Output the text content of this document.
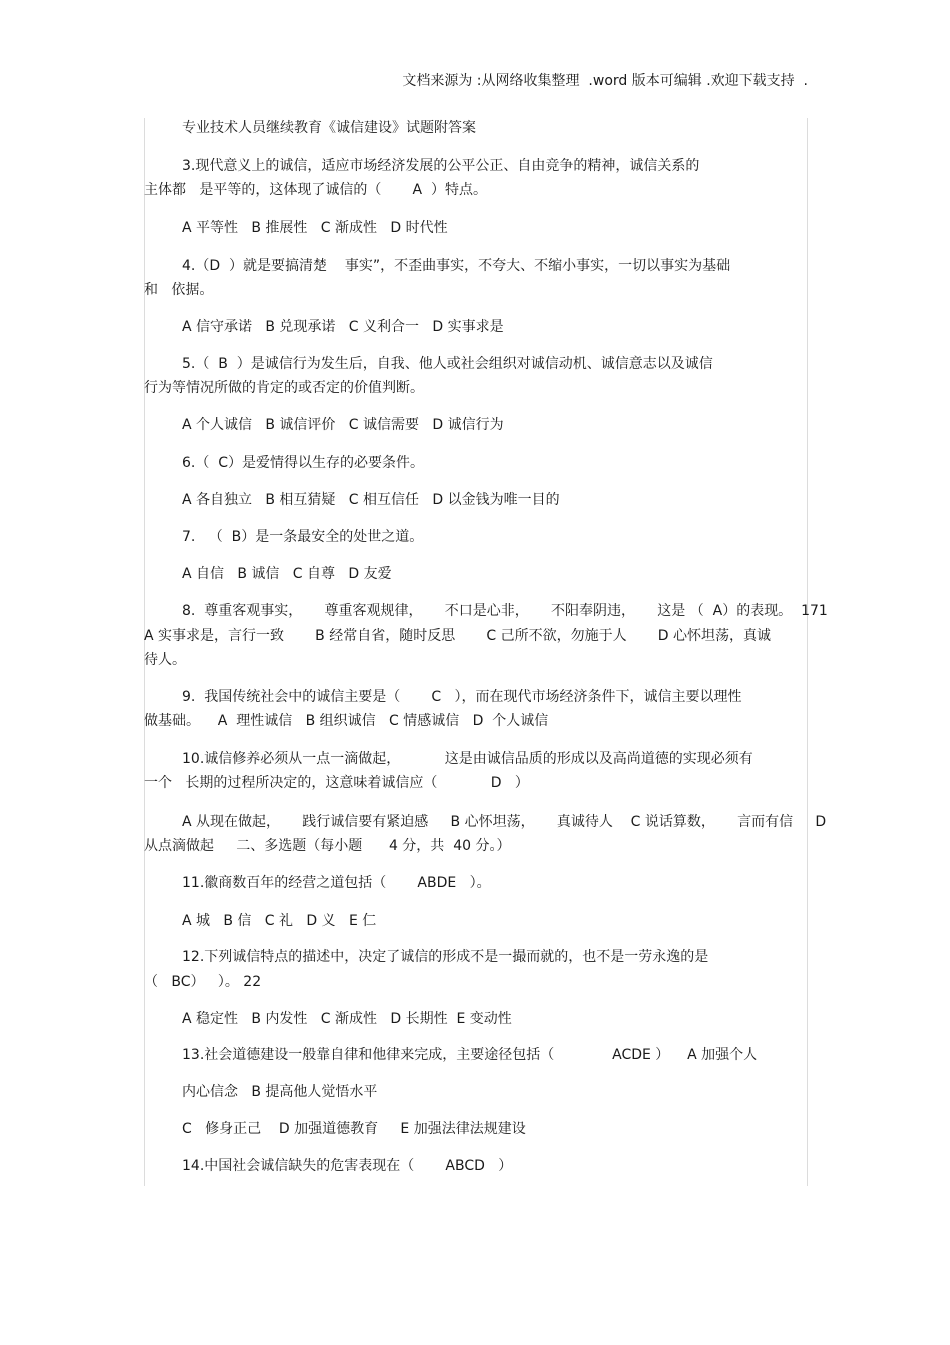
文档来源为 :从网络收集整理  .word 版本可编辑 .欢迎下载支持  .
专业技术人员继续教育《诚信建设》试题附答案
3.现代意义上的诚信，适应市场经济发展的公平公正、自由竞争的精神，诚信关系的
主体都   是平等的，这体现了诚信的（       A  ）特点。
A 平等性   B 推展性   C 渐成性   D 时代性
4.（D  ）就是要搞清楚    事实”，不歪曲事实，不夸大、不缩小事实，一切以事实为基础
和   依据。
A 信守承诺   B 兑现承诺   C 义利合一   D 实事求是
5.（  B  ）是诚信行为发生后，自我、他人或社会组织对诚信动机、诚信意志以及诚信
行为等情况所做的肯定的或否定的价值判断。
A 个人诚信   B 诚信评价   C 诚信需要   D 诚信行为
6.（  C）是爱情得以生存的必要条件。
A 各自独立   B 相互猜疑   C 相互信任   D 以金钱为唯一目的
7.   （  B）是一条最安全的处世之道。
A 自信   B 诚信   C 自尊   D 友爱
8.  尊重客观事实，     尊重客观规律，     不口是心非，     不阳奉阴违，     这是 （  A）的表现。  171
A 实事求是，言行一致       B 经常自省，随时反思       C 己所不欲，勿施于人       D 心怀坦荡，真诚
待人。
9.  我国传统社会中的诚信主要是（       C   ），而在现代市场经济条件下，诚信主要以理性
做基础。    A  理性诚信   B 组织诚信   C 情感诚信   D  个人诚信
10.诚信修养必须从一点一滴做起，          这是由诚信品质的形成以及高尚道德的实现必须有
一个   长期的过程所决定的，这意味着诚信应（            D   ）
A 从现在做起，     践行诚信要有紧迫感     B 心怀坦荡，     真诚待人    C 说话算数，     言而有信     D
从点滴做起     二、多选题（每小题      4 分，共  40 分。）
11.徽商数百年的经营之道包括（       ABDE   ）。
A 城   B 信   C 礼   D 义   E 仁
12.下列诚信特点的描述中，决定了诚信的形成不是一撮而就的，也不是一劳永逸的是
（   BC）   ）。 22
A 稳定性   B 内发性   C 渐成性   D 长期性  E 变动性
13.社会道德建设一般靠自律和他律来完成，主要途径包括（             ACDE ）    A 加强个人
内心信念   B 提高他人觉悟水平
C   修身正己    D 加强道德教育     E 加强法律法规建设
14.中国社会诚信缺失的危害表现在（       ABCD   ）
